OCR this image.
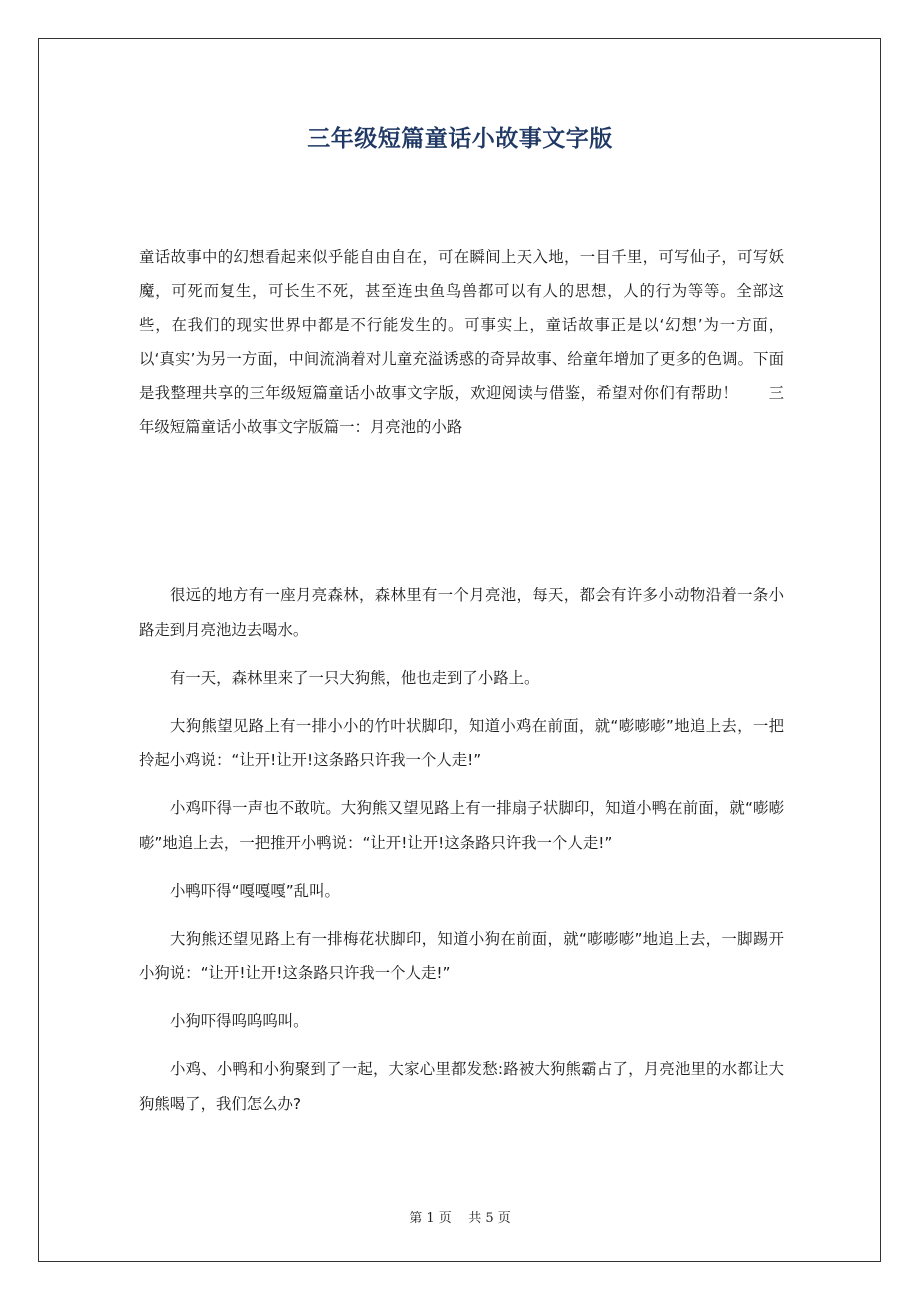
三年级短篇童话小故事文字版

童话故事中的幻想看起来似乎能自由自在，可在瞬间上天入地，一目千里，可写仙子，可写妖魔，可死而复生，可长生不死，甚至连虫鱼鸟兽都可以有人的思想，人的行为等等。全部这些，在我们的现实世界中都是不行能发生的。可事实上，童话故事正是以‘幻想’为一方面，以‘真实’为另一方面，中间流淌着对儿童充溢诱惑的奇异故事、给童年增加了更多的色调。下面是我整理共享的三年级短篇童话小故事文字版，欢迎阅读与借鉴，希望对你们有帮助！ 三年级短篇童话小故事文字版篇一：月亮池的小路

很远的地方有一座月亮森林，森林里有一个月亮池，每天，都会有许多小动物沿着一条小路走到月亮池边去喝水。

有一天，森林里来了一只大狗熊，他也走到了小路上。

大狗熊望见路上有一排小小的竹叶状脚印，知道小鸡在前面，就“嘭嘭嘭”地追上去，一把拎起小鸡说：“让开!让开!这条路只许我一个人走!”

小鸡吓得一声也不敢吭。大狗熊又望见路上有一排扇子状脚印，知道小鸭在前面，就“嘭嘭嘭”地追上去，一把推开小鸭说：“让开!让开!这条路只许我一个人走!”

小鸭吓得“嘎嘎嘎”乱叫。

大狗熊还望见路上有一排梅花状脚印，知道小狗在前面，就“嘭嘭嘭”地追上去，一脚踢开小狗说：“让开!让开!这条路只许我一个人走!”

小狗吓得呜呜呜叫。

小鸡、小鸭和小狗聚到了一起，大家心里都发愁:路被大狗熊霸占了，月亮池里的水都让大狗熊喝了，我们怎么办?

第 1 页 共 5 页
